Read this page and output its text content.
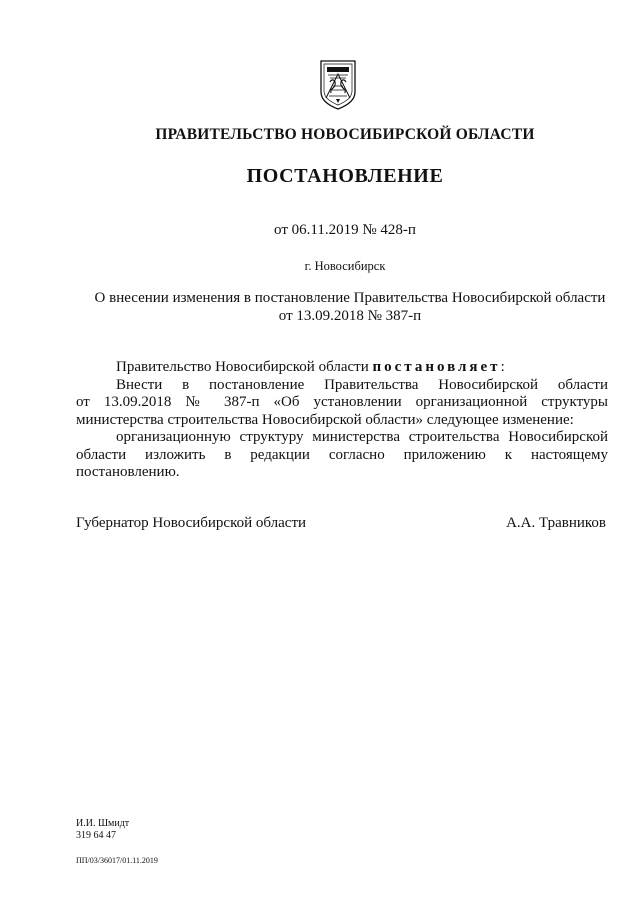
ПРАВИТЕЛЬСТВО НОВОСИБИРСКОЙ ОБЛАСТИ
ПОСТАНОВЛЕНИЕ
от 06.11.2019 № 428-п
г. Новосибирск
О внесении изменения в постановление Правительства Новосибирской области
от 13.09.2018 № 387-п

Правительство Новосибирской области постановляет:

Внести в постановление Правительства Новосибирской области

от 13.09.2018 № 387-п «Об установлении организационной структуры

министерства строительства Новосибирской области» следующее изменение:

организационную структуру министерства строительства Новосибирской

области изложить в редакции согласно приложению к настоящему постановлению.

Губернатор Новосибирской области	А.А. Травников
И.И. Шмидт
319 64 47
ПП/03/36017/01.11.2019
